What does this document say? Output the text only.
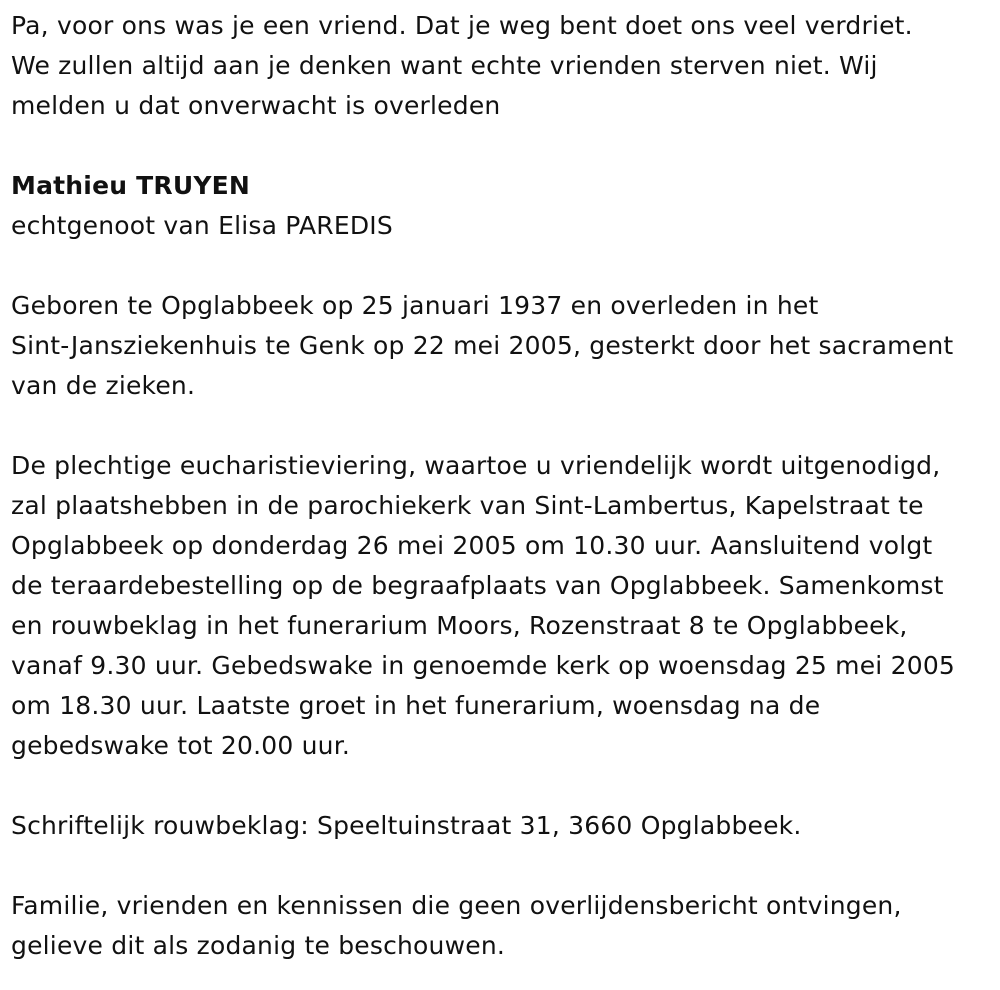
Pa, voor ons was je een vriend. Dat je weg bent doet ons veel verdriet.
We zullen altijd aan je denken want echte vrienden sterven niet. Wij
melden u dat onverwacht is overleden

Mathieu TRUYEN

echtgenoot van Elisa PAREDIS

Geboren te Opglabbeek op 25 januari 1937 en overleden in het
Sint-Jansziekenhuis te Genk op 22 mei 2005, gesterkt door het sacrament
van de zieken.

De plechtige eucharistieviering, waartoe u vriendelijk wordt uitgenodigd,
zal plaatshebben in de parochiekerk van Sint-Lambertus, Kapelstraat te
Opglabbeek op donderdag 26 mei 2005 om 10.30 uur. Aansluitend volgt
de teraardebestelling op de begraafplaats van Opglabbeek. Samenkomst
en rouwbeklag in het funerarium Moors, Rozenstraat 8 te Opglabbeek,
vanaf 9.30 uur. Gebedswake in genoemde kerk op woensdag 25 mei 2005
om 18.30 uur. Laatste groet in het funerarium, woensdag na de
gebedswake tot 20.00 uur.

Schriftelijk rouwbeklag: Speeltuinstraat 31, 3660 Opglabbeek.

Familie, vrienden en kennissen die geen overlijdensbericht ontvingen,
gelieve dit als zodanig te beschouwen.
